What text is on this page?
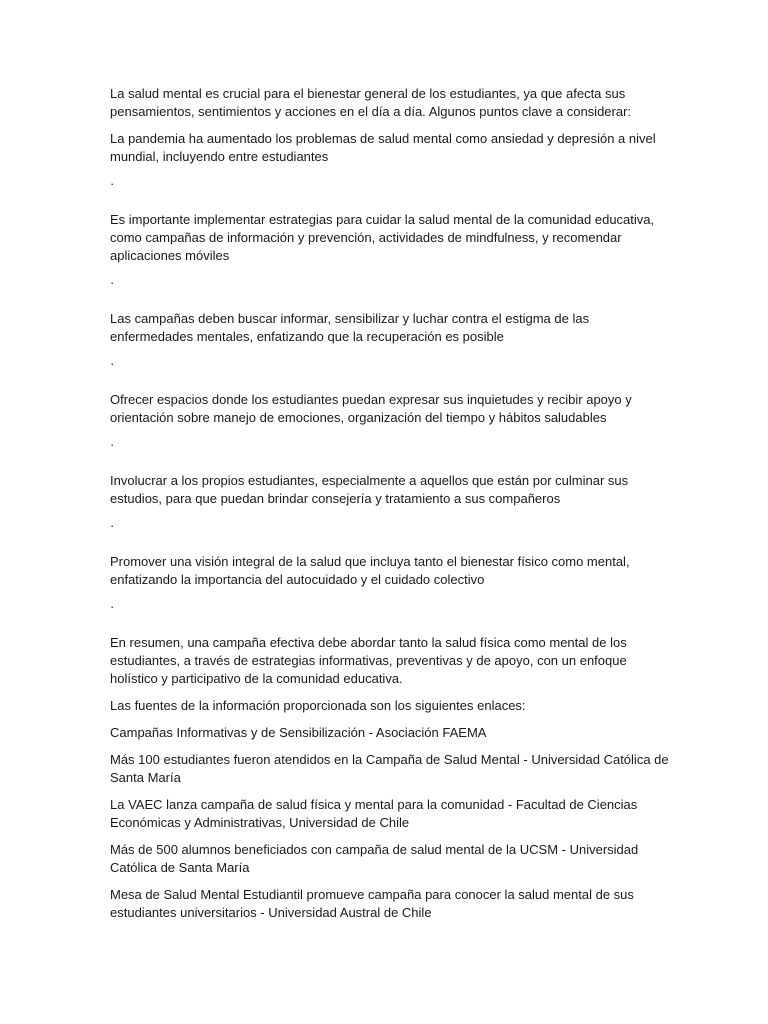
La salud mental es crucial para el bienestar general de los estudiantes, ya que afecta sus pensamientos, sentimientos y acciones en el día a día. Algunos puntos clave a considerar:

La pandemia ha aumentado los problemas de salud mental como ansiedad y depresión a nivel mundial, incluyendo entre estudiantes

·

Es importante implementar estrategias para cuidar la salud mental de la comunidad educativa, como campañas de información y prevención, actividades de mindfulness, y recomendar aplicaciones móviles

·

Las campañas deben buscar informar, sensibilizar y luchar contra el estigma de las enfermedades mentales, enfatizando que la recuperación es posible

·

Ofrecer espacios donde los estudiantes puedan expresar sus inquietudes y recibir apoyo y orientación sobre manejo de emociones, organización del tiempo y hábitos saludables

·

Involucrar a los propios estudiantes, especialmente a aquellos que están por culminar sus estudios, para que puedan brindar consejería y tratamiento a sus compañeros

·

Promover una visión integral de la salud que incluya tanto el bienestar físico como mental, enfatizando la importancia del autocuidado y el cuidado colectivo

·

En resumen, una campaña efectiva debe abordar tanto la salud física como mental de los estudiantes, a través de estrategias informativas, preventivas y de apoyo, con un enfoque holístico y participativo de la comunidad educativa.

Las fuentes de la información proporcionada son los siguientes enlaces:

Campañas Informativas y de Sensibilización - Asociación FAEMA

Más 100 estudiantes fueron atendidos en la Campaña de Salud Mental - Universidad Católica de Santa María

La VAEC lanza campaña de salud física y mental para la comunidad - Facultad de Ciencias Económicas y Administrativas, Universidad de Chile

Más de 500 alumnos beneficiados con campaña de salud mental de la UCSM - Universidad Católica de Santa María

Mesa de Salud Mental Estudiantil promueve campaña para conocer la salud mental de sus estudiantes universitarios - Universidad Austral de Chile
